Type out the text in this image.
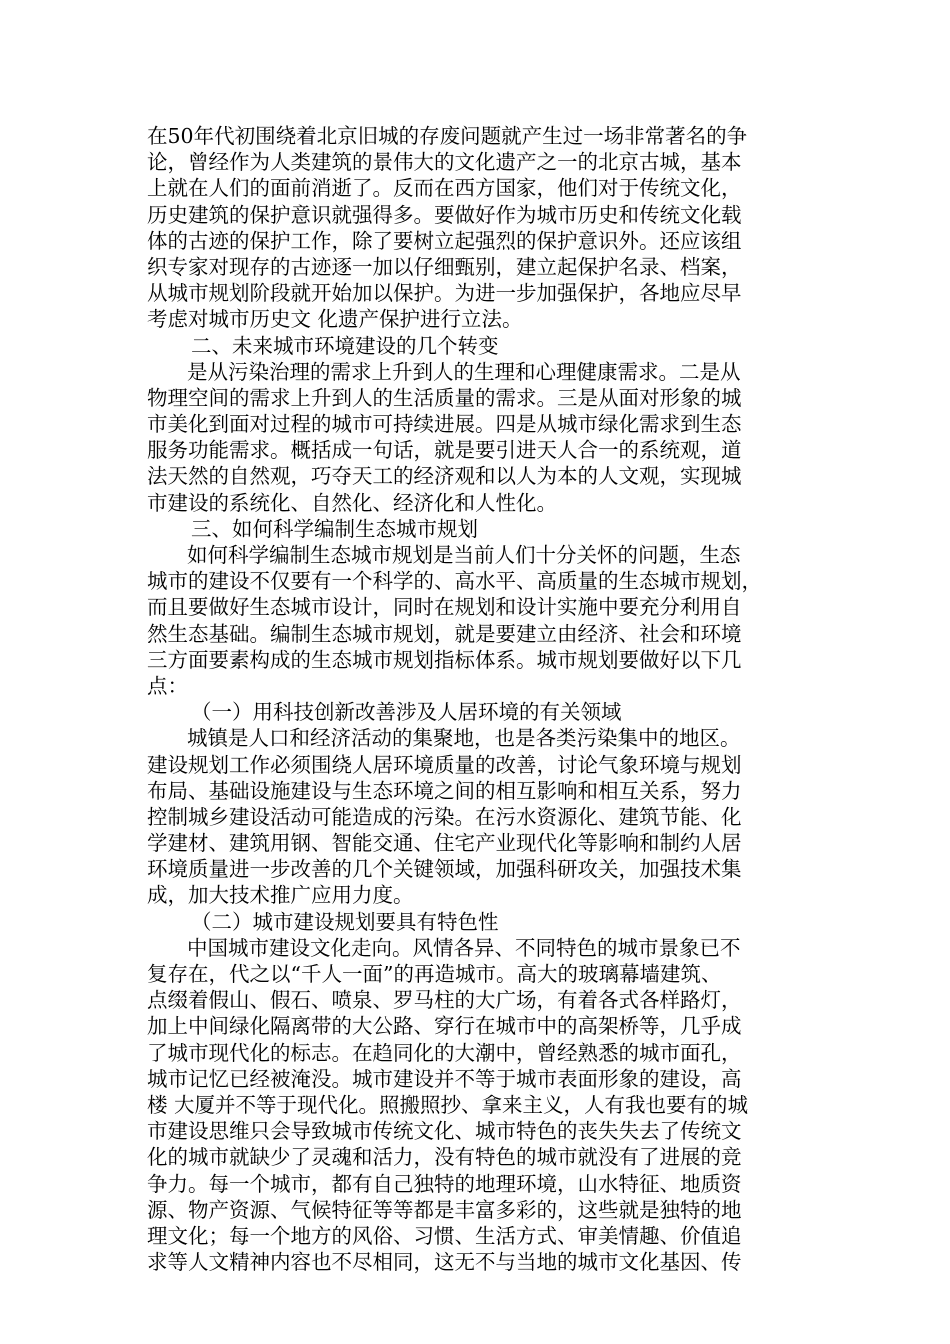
在50年代初围绕着北京旧城的存废问题就产生过一场非常著名的争
论，曾经作为人类建筑的景伟大的文化遗产之一的北京古城，基本
上就在人们的面前消逝了。反而在西方国家，他们对于传统文化，
历史建筑的保护意识就强得多。要做好作为城市历史和传统文化载
体的古迹的保护工作，除了要树立起强烈的保护意识外。还应该组
织专家对现存的古迹逐一加以仔细甄别，建立起保护名录、档案，
从城市规划阶段就开始加以保护。为进一步加强保护，各地应尽早
考虑对城市历史文 化遗产保护进行立法。
二、未来城市环境建设的几个转变
是从污染治理的需求上升到人的生理和心理健康需求。二是从
物理空间的需求上升到人的生活质量的需求。三是从面对形象的城
市美化到面对过程的城市可持续进展。四是从城市绿化需求到生态
服务功能需求。概括成一句话，就是要引进天人合一的系统观，道
法天然的自然观，巧夺天工的经济观和以人为本的人文观，实现城
市建设的系统化、自然化、经济化和人性化。
三、如何科学编制生态城市规划
如何科学编制生态城市规划是当前人们十分关怀的问题，生态
城市的建设不仅要有一个科学的、高水平、高质量的生态城市规划，
而且要做好生态城市设计，同时在规划和设计实施中要充分利用自
然生态基础。编制生态城市规划，就是要建立由经济、社会和环境
三方面要素构成的生态城市规划指标体系。城市规划要做好以下几
点：
（一）用科技创新改善涉及人居环境的有关领域
城镇是人口和经济活动的集聚地，也是各类污染集中的地区。
建设规划工作必须围绕人居环境质量的改善，讨论气象环境与规划
布局、基础设施建设与生态环境之间的相互影响和相互关系，努力
控制城乡建设活动可能造成的污染。在污水资源化、建筑节能、化
学建材、建筑用钢、智能交通、住宅产业现代化等影响和制约人居
环境质量进一步改善的几个关键领域，加强科研攻关，加强技术集
成，加大技术推广应用力度。
（二）城市建设规划要具有特色性
中国城市建设文化走向。风情各异、不同特色的城市景象已不
复存在，代之以“千人一面”的再造城市。高大的玻璃幕墙建筑、
点缀着假山、假石、喷泉、罗马柱的大广场，有着各式各样路灯，
加上中间绿化隔离带的大公路、穿行在城市中的高架桥等，几乎成
了城市现代化的标志。在趋同化的大潮中，曾经熟悉的城市面孔，
城市记忆已经被淹没。城市建设并不等于城市表面形象的建设，高
楼 大厦并不等于现代化。照搬照抄、拿来主义，人有我也要有的城
市建设思维只会导致城市传统文化、城市特色的丧失失去了传统文
化的城市就缺少了灵魂和活力，没有特色的城市就没有了进展的竞
争力。每一个城市，都有自己独特的地理环境，山水特征、地质资
源、物产资源、气候特征等等都是丰富多彩的，这些就是独特的地
理文化；每一个地方的风俗、习惯、生活方式、审美情趣、价值追
求等人文精神内容也不尽相同，这无不与当地的城市文化基因、传
